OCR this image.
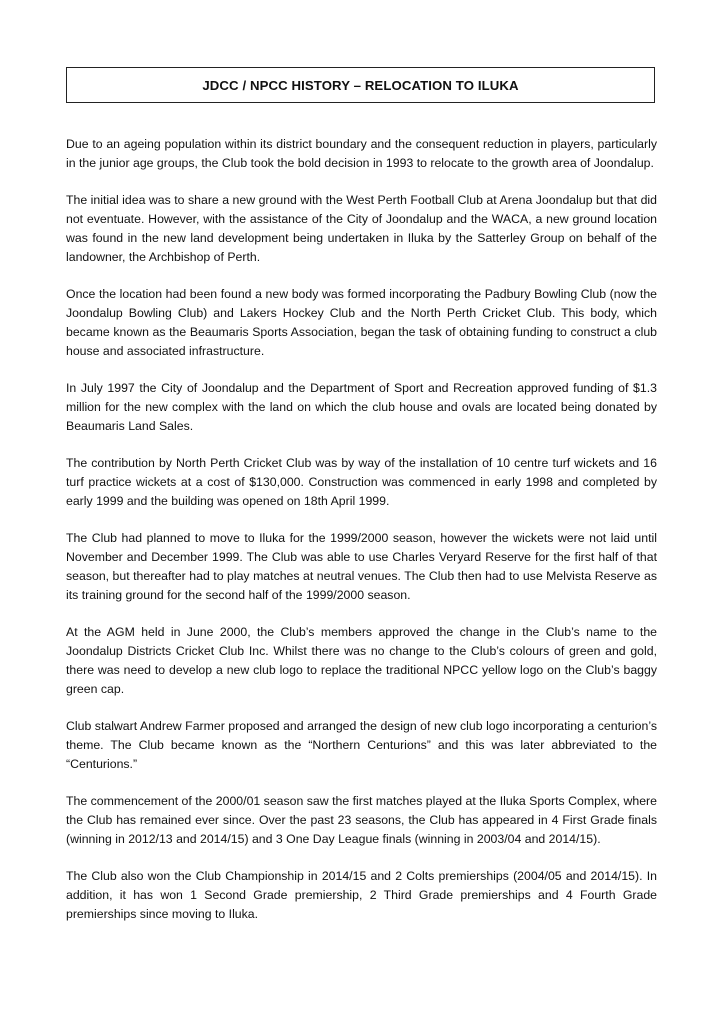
JDCC / NPCC HISTORY – RELOCATION TO ILUKA

Due to an ageing population within its district boundary and the consequent reduction in players, particularly in the junior age groups, the Club took the bold decision in 1993 to relocate to the growth area of Joondalup.

The initial idea was to share a new ground with the West Perth Football Club at Arena Joondalup but that did not eventuate. However, with the assistance of the City of Joondalup and the WACA, a new ground location was found in the new land development being undertaken in Iluka by the Satterley Group on behalf of the landowner, the Archbishop of Perth.

Once the location had been found a new body was formed incorporating the Padbury Bowling Club (now the Joondalup Bowling Club) and Lakers Hockey Club and the North Perth Cricket Club. This body, which became known as the Beaumaris Sports Association, began the task of obtaining funding to construct a club house and associated infrastructure.

In July 1997 the City of Joondalup and the Department of Sport and Recreation approved funding of $1.3 million for the new complex with the land on which the club house and ovals are located being donated by Beaumaris Land Sales.

The contribution by North Perth Cricket Club was by way of the installation of 10 centre turf wickets and 16 turf practice wickets at a cost of $130,000. Construction was commenced in early 1998 and completed by early 1999 and the building was opened on 18th April 1999.

The Club had planned to move to Iluka for the 1999/2000 season, however the wickets were not laid until November and December 1999. The Club was able to use Charles Veryard Reserve for the first half of that season, but thereafter had to play matches at neutral venues. The Club then had to use Melvista Reserve as its training ground for the second half of the 1999/2000 season.

At the AGM held in June 2000, the Club’s members approved the change in the Club’s name to the Joondalup Districts Cricket Club Inc. Whilst there was no change to the Club’s colours of green and gold, there was need to develop a new club logo to replace the traditional NPCC yellow logo on the Club’s baggy green cap.

Club stalwart Andrew Farmer proposed and arranged the design of new club logo incorporating a centurion’s theme. The Club became known as the “Northern Centurions” and this was later abbreviated to the “Centurions.”

The commencement of the 2000/01 season saw the first matches played at the Iluka Sports Complex, where the Club has remained ever since. Over the past 23 seasons, the Club has appeared in 4 First Grade finals (winning in 2012/13 and 2014/15) and 3 One Day League finals (winning in 2003/04 and 2014/15).

The Club also won the Club Championship in 2014/15 and 2 Colts premierships (2004/05 and 2014/15). In addition, it has won 1 Second Grade premiership, 2 Third Grade premierships and 4 Fourth Grade premierships since moving to Iluka.
